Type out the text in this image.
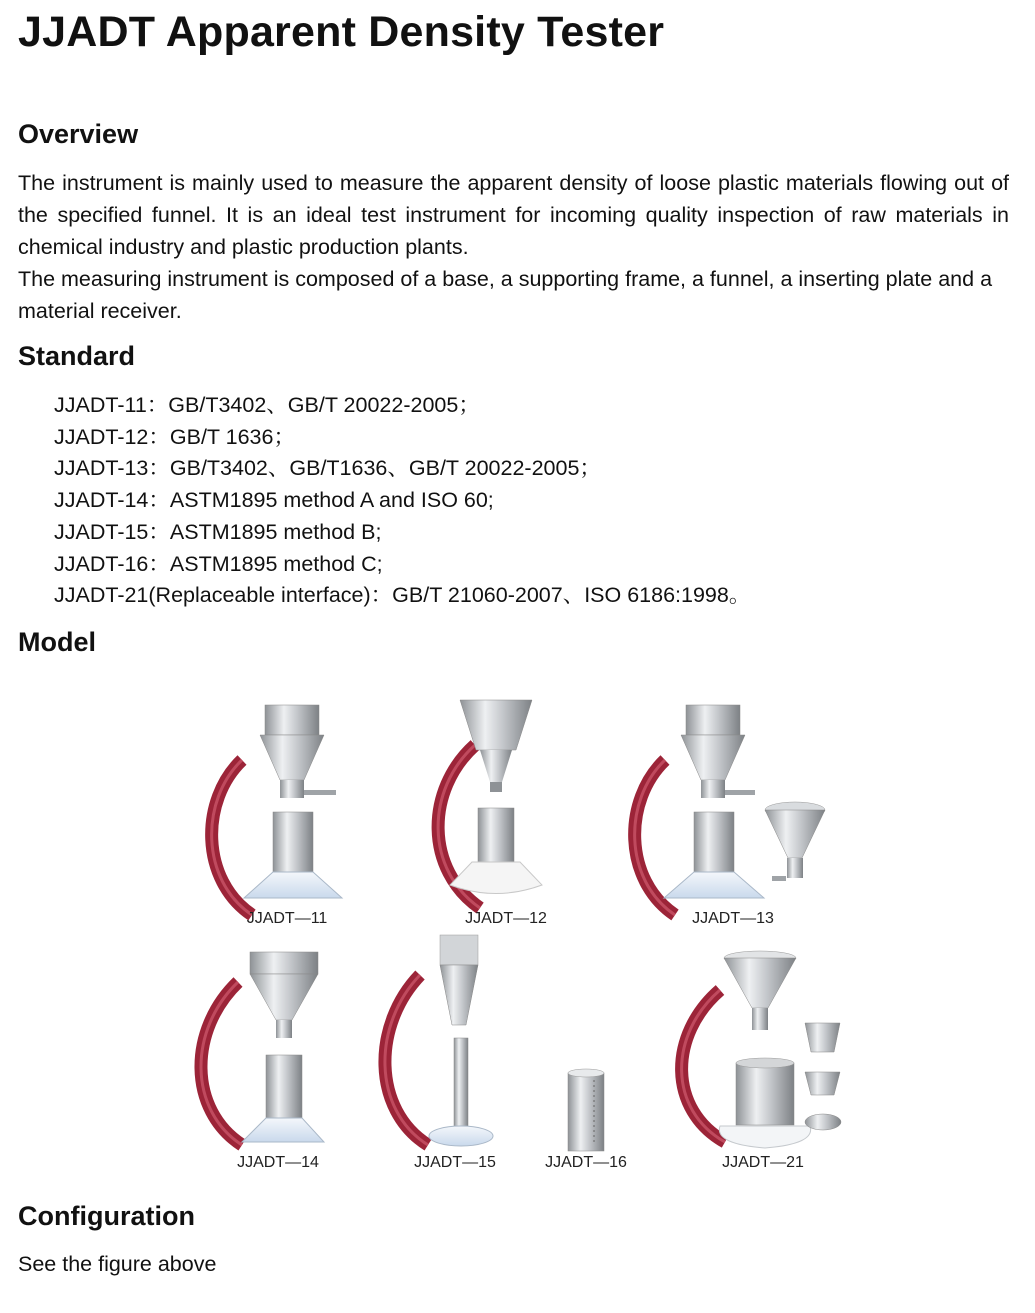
JJADT Apparent Density Tester
Overview

The instrument is mainly used to measure the apparent density of loose plastic materials flowing out of the specified funnel. It is an ideal test instrument for incoming quality inspection of raw materials in chemical industry and plastic production plants.

The measuring instrument is composed of a base, a supporting frame, a funnel, a inserting plate and a material receiver.

Standard
JJADT-11：GB/T3402、GB/T 20022-2005；
JJADT-12：GB/T 1636；
JJADT-13：GB/T3402、GB/T1636、GB/T 20022-2005；
JJADT-14：ASTM1895 method A and ISO 60;
JJADT-15：ASTM1895 method B;
JJADT-16：ASTM1895 method C;
JJADT-21(Replaceable interface)：GB/T 21060-2007、ISO 6186:1998。
Model
JJADT—11	JJADT—12	JJADT—13
JJADT—14	JJADT—15	JJADT—16	JJADT—21
Configuration

See the figure above
